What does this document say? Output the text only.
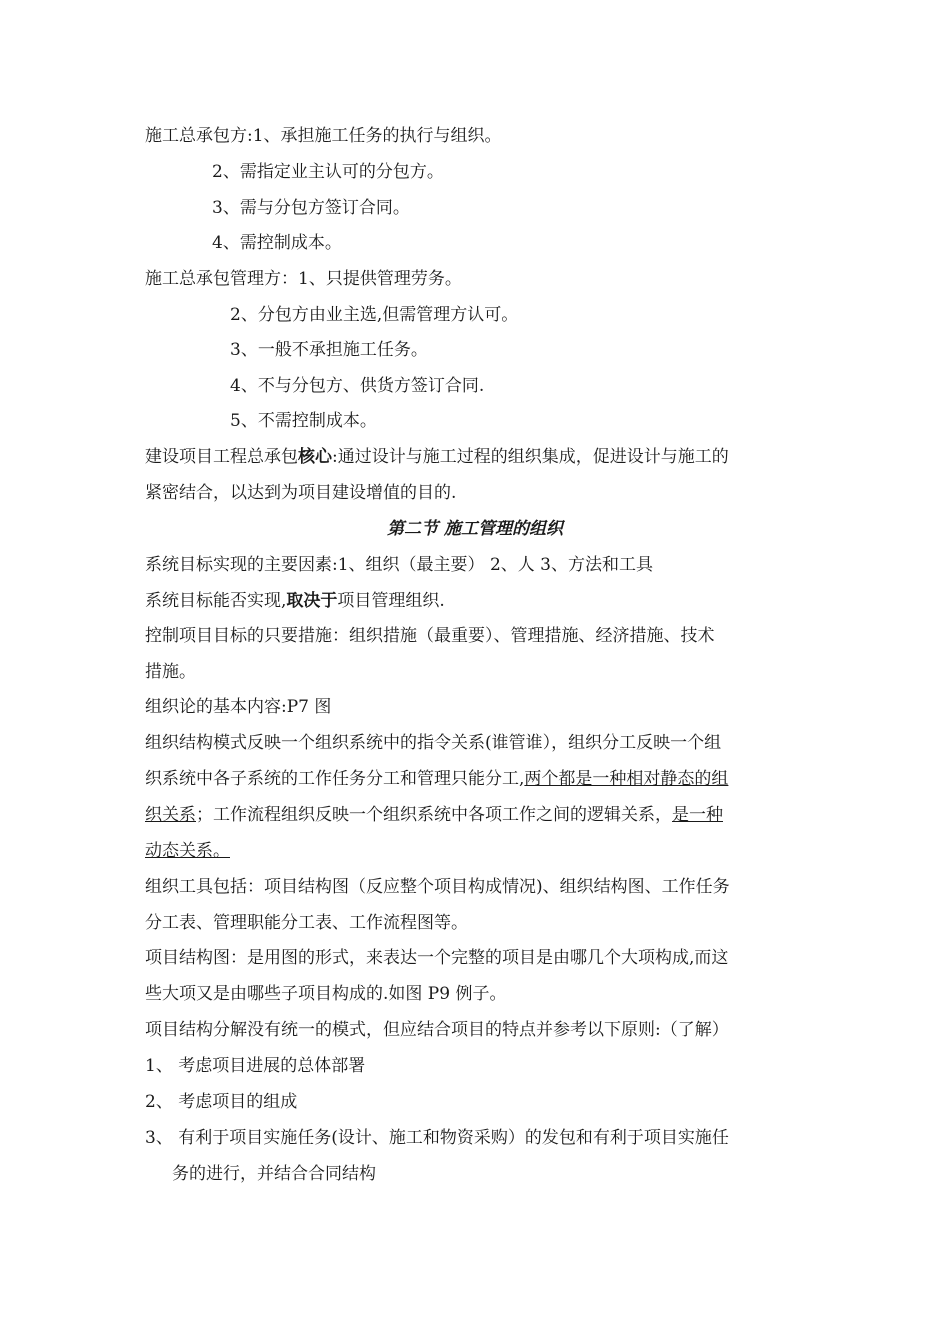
施工总承包方:1、承担施工任务的执行与组织。
2、需指定业主认可的分包方。
3、需与分包方签订合同。
4、需控制成本。
施工总承包管理方：1、只提供管理劳务。
2、分包方由业主选,但需管理方认可。
3、一般不承担施工任务。
4、不与分包方、供货方签订合同.
5、不需控制成本。
建设项目工程总承包核心:通过设计与施工过程的组织集成，促进设计与施工的
紧密结合，以达到为项目建设增值的目的.
第二节 施工管理的组织
系统目标实现的主要因素:1、组织（最主要） 2、人 3、方法和工具
系统目标能否实现,取决于项目管理组织.
控制项目目标的只要措施：组织措施（最重要）、管理措施、经济措施、技术
措施。
组织论的基本内容:P7 图
组织结构模式反映一个组织系统中的指令关系(谁管谁），组织分工反映一个组
织系统中各子系统的工作任务分工和管理只能分工,两个都是一种相对静态的组
织关系；工作流程组织反映一个组织系统中各项工作之间的逻辑关系，是一种
动态关系。
组织工具包括：项目结构图（反应整个项目构成情况)、组织结构图、工作任务
分工表、管理职能分工表、工作流程图等。
项目结构图：是用图的形式，来表达一个完整的项目是由哪几个大项构成,而这
些大项又是由哪些子项目构成的.如图 P9 例子。
项目结构分解没有统一的模式，但应结合项目的特点并参考以下原则:（了解）
1、 考虑项目进展的总体部署
2、 考虑项目的组成
3、 有利于项目实施任务(设计、施工和物资采购）的发包和有利于项目实施任
务的进行，并结合合同结构
